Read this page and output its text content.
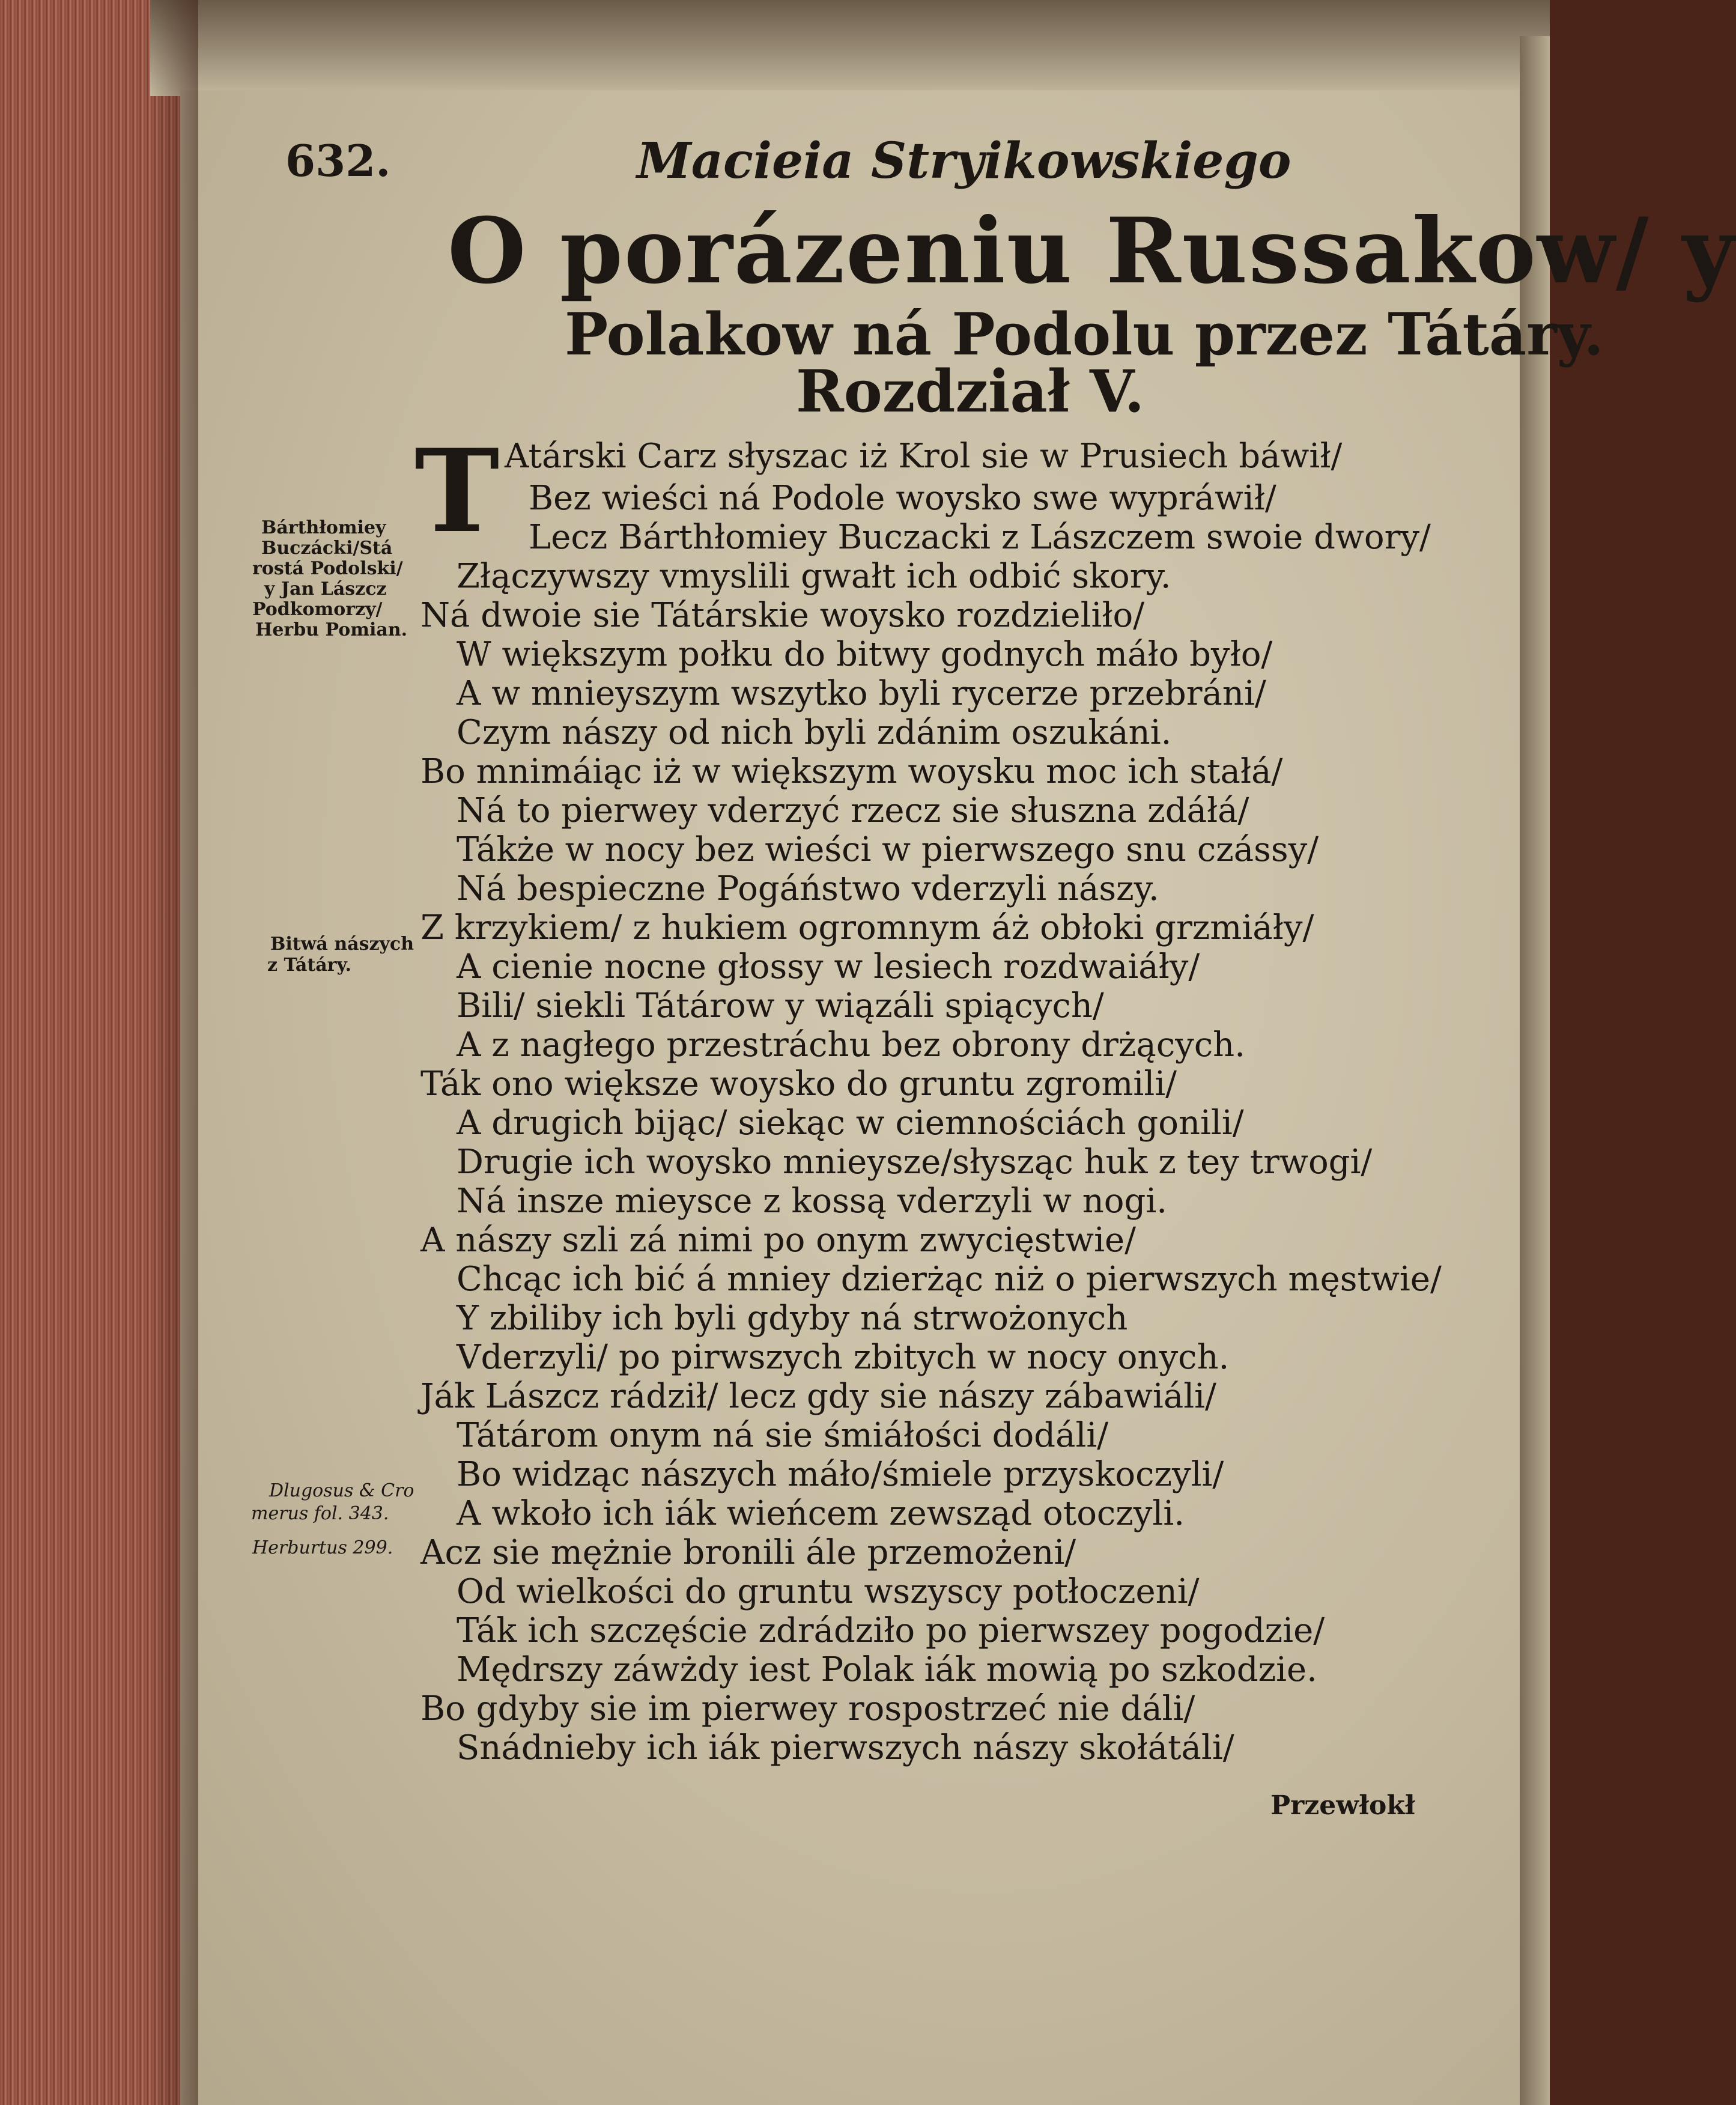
632.	Macieia Stryikowskiego
O porázeniu Russakow/ y
Polakow ná Podolu przez Tátáry.
Rozdział V.
T Atárski Carz słyszac iż Krol sie w Prusiech báwił/
Bez wieści ná Podole woysko swe wypráwił/
Lecz Bárthłomiey Buczacki z Lászczem swoie dwory/
Złączywszy vmyslili gwałt ich odbić skory.
Ná dwoie sie Tátárskie woysko rozdzieliło/
W większym połku do bitwy godnych máło było/
A w mnieyszym wszytko byli rycerze przebráni/
Czym nászy od nich byli zdánim oszukáni.
Bo mnimáiąc iż w większym woysku moc ich stałá/
Ná to pierwey vderzyć rzecz sie słuszna zdáłá/
Tákże w nocy bez wieści w pierwszego snu czássy/
Ná bespieczne Pogáństwo vderzyli nászy.
Z krzykiem/ z hukiem ogromnym áż obłoki grzmiáły/
A cienie nocne głossy w lesiech rozdwaiáły/
Bili/ siekli Tátárow y wiązáli spiących/
A z nagłego przestráchu bez obrony drżących.
Ták ono większe woysko do gruntu zgromili/
A drugich bijąc/ siekąc w ciemnościách gonili/
Drugie ich woysko mnieysze/słysząc huk z tey trwogi/
Ná insze mieysce z kossą vderzyli w nogi.
A nászy szli zá nimi po onym zwycięstwie/
Chcąc ich bić á mniey dzierżąc niż o pierwszych męstwie/
Y zbiliby ich byli gdyby ná strwożonych
Vderzyli/ po pirwszych zbitych w nocy onych.
Ják Lászcz rádził/ lecz gdy sie nászy zábawiáli/
Tátárom onym ná sie śmiáłości dodáli/
Bo widząc nászych máło/śmiele przyskoczyli/
A wkoło ich iák wieńcem zewsząd otoczyli.
Acz sie mężnie bronili ále przemożeni/
Od wielkości do gruntu wszyscy potłoczeni/
Ták ich szczęście zdrádziło po pierwszey pogodzie/
Mędrszy záwżdy iest Polak iák mowią po szkodzie.
Bo gdyby sie im pierwey rospostrzeć nie dáli/
Snádnieby ich iák pierwszych nászy skołátáli/
Bárthłomiey
Buczácki/Stá
rostá Podolski/
y Jan Lászcz
Podkomorzy/
Herbu Pomian.
Bitwá nászych
z Tátáry.
Dlugosus & Cro
merus fol. 343.
Herburtus 299.
Przewłokł
